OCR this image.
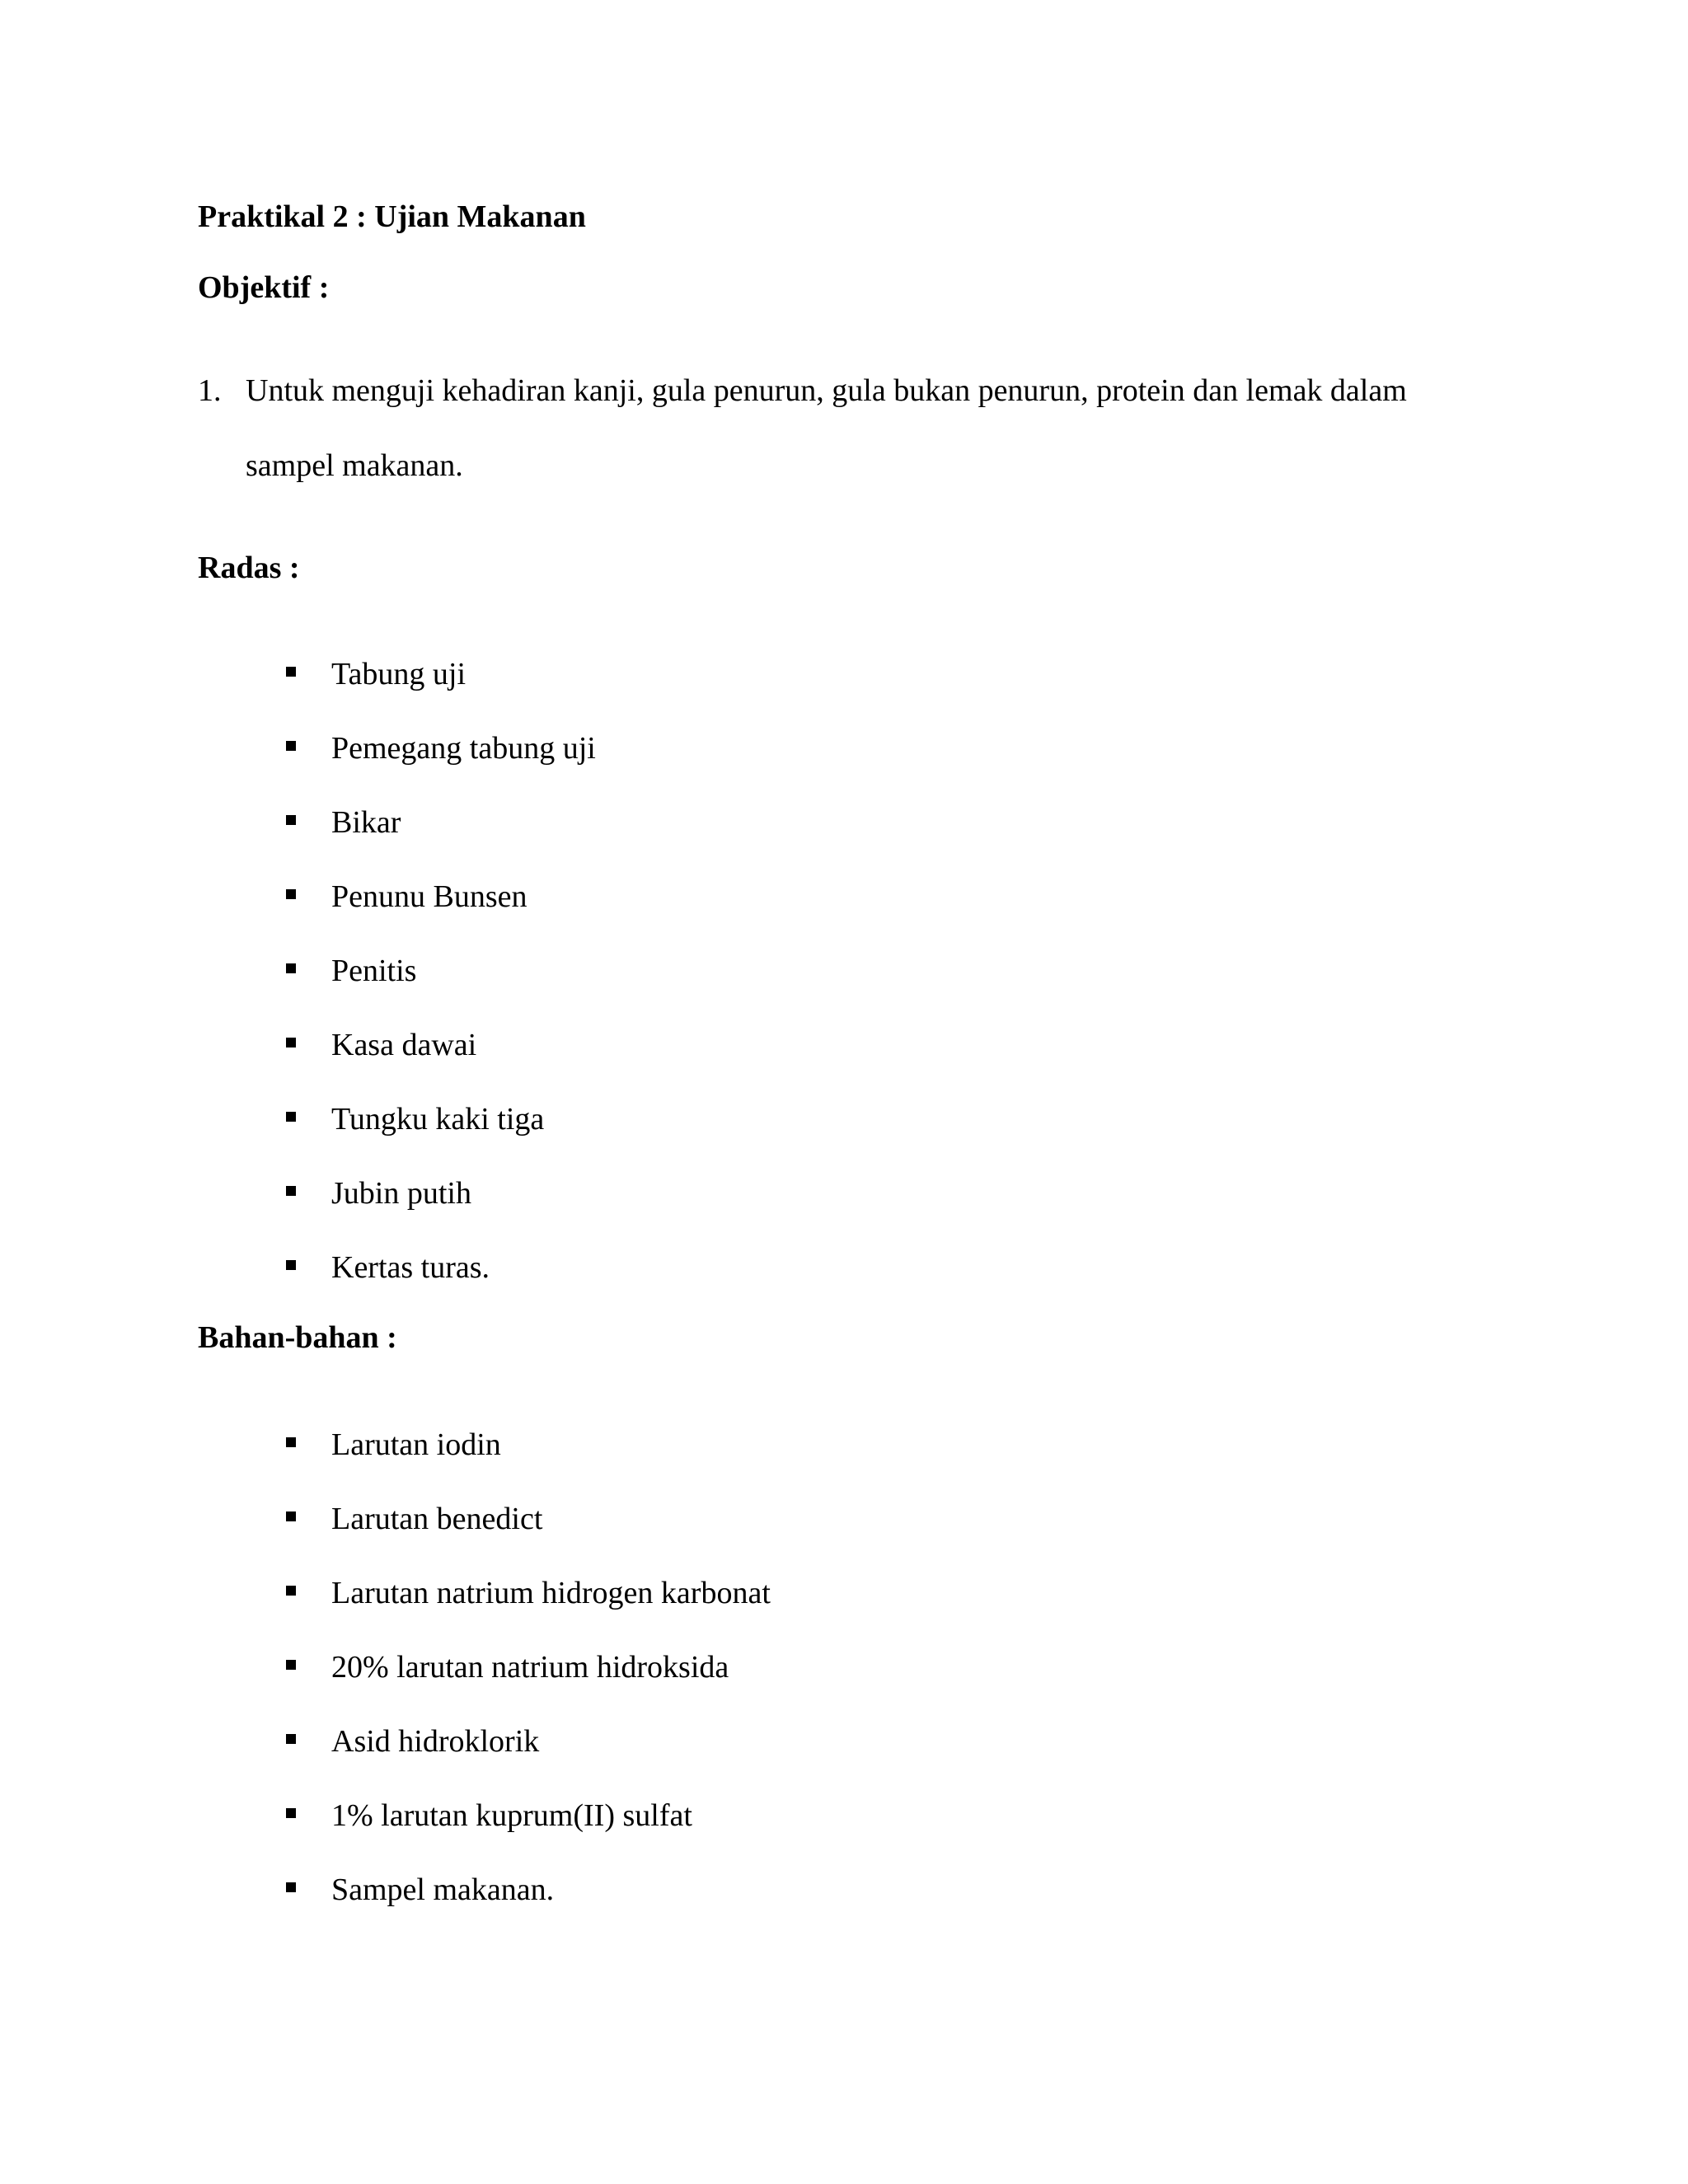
Praktikal 2 : Ujian Makanan
Objektif :
1. Untuk menguji kehadiran kanji, gula penurun, gula bukan penurun, protein dan lemak dalam
sampel makanan.
Radas :
Tabung uji
Pemegang tabung uji
Bikar
Penunu Bunsen
Penitis
Kasa dawai
Tungku kaki tiga
Jubin putih
Kertas turas.
Bahan-bahan :
Larutan iodin
Larutan benedict
Larutan natrium hidrogen karbonat
20% larutan natrium hidroksida
Asid hidroklorik
1% larutan kuprum(II) sulfat
Sampel makanan.
